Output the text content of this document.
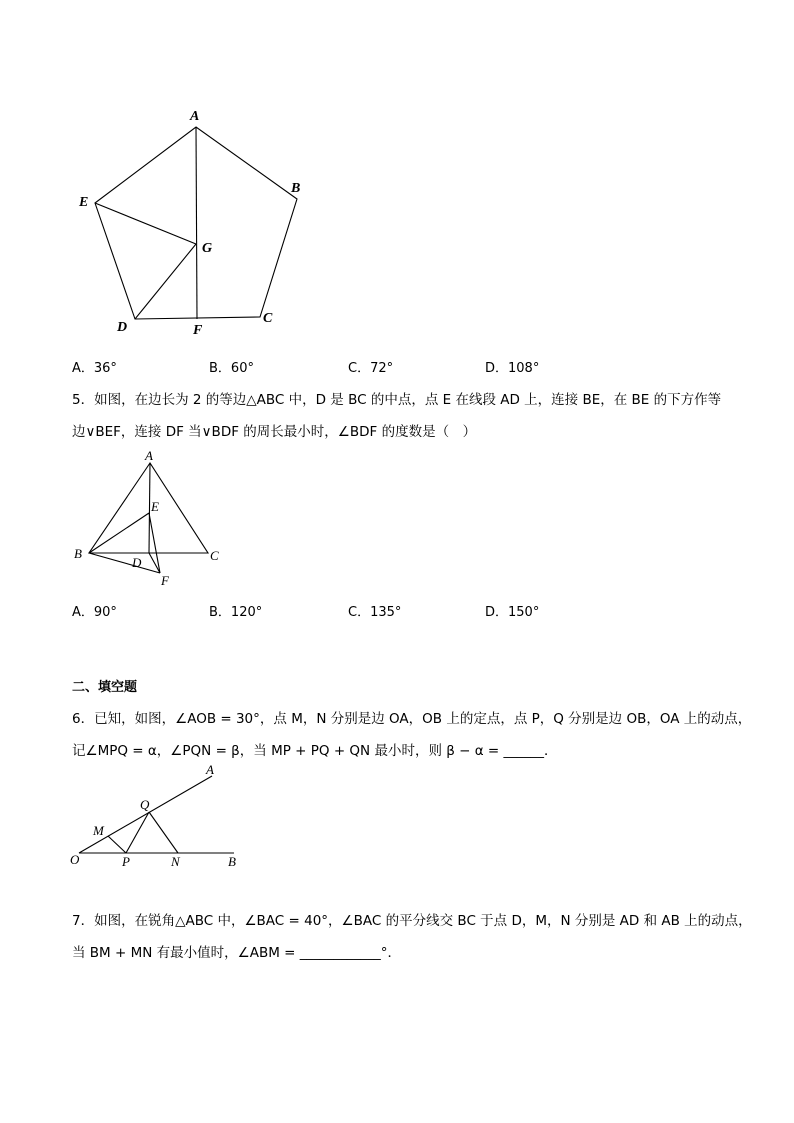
A
B
C
D
E
F
G
A．36°	B．60°	C．72°	D．108°
5．如图，在边长为 2 的等边△ABC 中，D 是 BC 的中点，点 E 在线段 AD 上，连接 BE，在 BE 的下方作等
边∨BEF，连接 DF 当∨BDF 的周长最小时，∠BDF 的度数是（　）
A
B	C
D
E
F
A．90°	B．120°	C．135°	D．150°
二、填空题
6．已知，如图，∠AOB = 30°，点 M，N 分别是边 OA，OB 上的定点，点 P，Q 分别是边 OB，OA 上的动点，
记∠MPQ = α，∠PQN = β，当 MP + PQ + QN 最小时，则 β − α = ______．
O
A
B
M
P
Q
N
7．如图，在锐角△ABC 中，∠BAC = 40°，∠BAC 的平分线交 BC 于点 D，M，N 分别是 AD 和 AB 上的动点，
当 BM + MN 有最小值时，∠ABM = ____________°．
